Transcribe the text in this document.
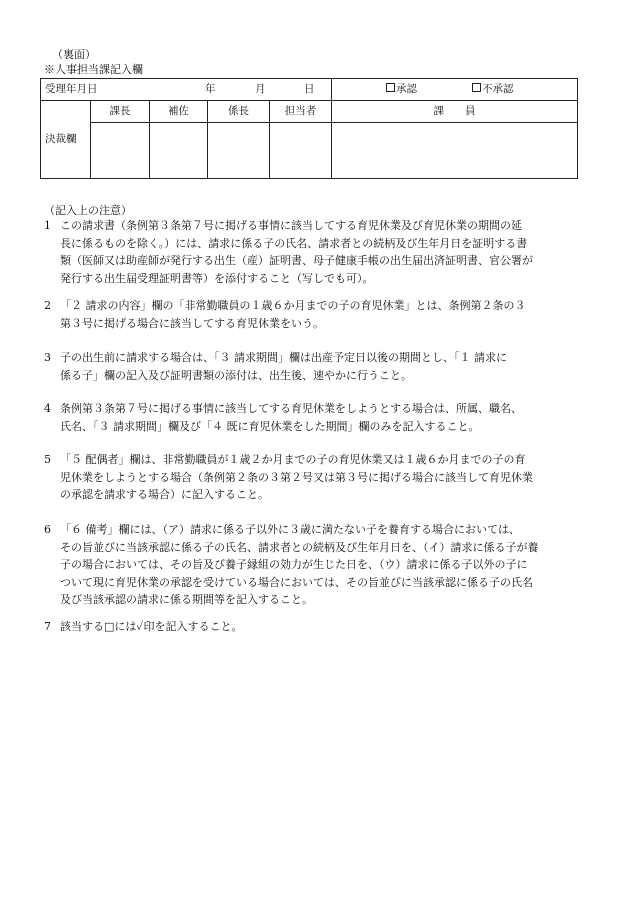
（裏面）
※人事担当課記入欄
受理年月日 年 月 日					承認 不承認

決裁欄	課長	補佐	係長	担当者	課　　員

（記入上の注意）
1 この請求書（条例第３条第７号に掲げる事情に該当してする育児休業及び育児休業の期間の延

長に係るものを除く。）には、請求に係る子の氏名、請求者との続柄及び生年月日を証明する書

類（医師又は助産師が発行する出生（産）証明書、母子健康手帳の出生届出済証明書、官公署が

発行する出生届受理証明書等）を添付すること（写しでも可）。

2 「２ 請求の内容」欄の「非常勤職員の１歳６か月までの子の育児休業」とは、条例第２条の３

第３号に掲げる場合に該当してする育児休業をいう。

3 子の出生前に請求する場合は、「３ 請求期間」欄は出産予定日以後の期間とし、「１ 請求に

係る子」欄の記入及び証明書類の添付は、出生後、速やかに行うこと。

4 条例第３条第７号に掲げる事情に該当してする育児休業をしようとする場合は、所属、職名、

氏名、「３ 請求期間」欄及び「４ 既に育児休業をした期間」欄のみを記入すること。

5 「５ 配偶者」欄は、非常勤職員が１歳２か月までの子の育児休業又は１歳６か月までの子の育

児休業をしようとする場合（条例第２条の３第２号又は第３号に掲げる場合に該当して育児休業

の承認を請求する場合）に記入すること。

6 「６ 備考」欄には、（ア）請求に係る子以外に３歳に満たない子を養育する場合においては、

その旨並びに当該承認に係る子の氏名、請求者との続柄及び生年月日を、（イ）請求に係る子が養

子の場合においては、その旨及び養子縁組の効力が生じた日を、（ウ）請求に係る子以外の子に

ついて現に育児休業の承認を受けている場合においては、その旨並びに当該承認に係る子の氏名

及び当該承認の請求に係る期間等を記入すること。

7 該当する□には✓印を記入すること。
